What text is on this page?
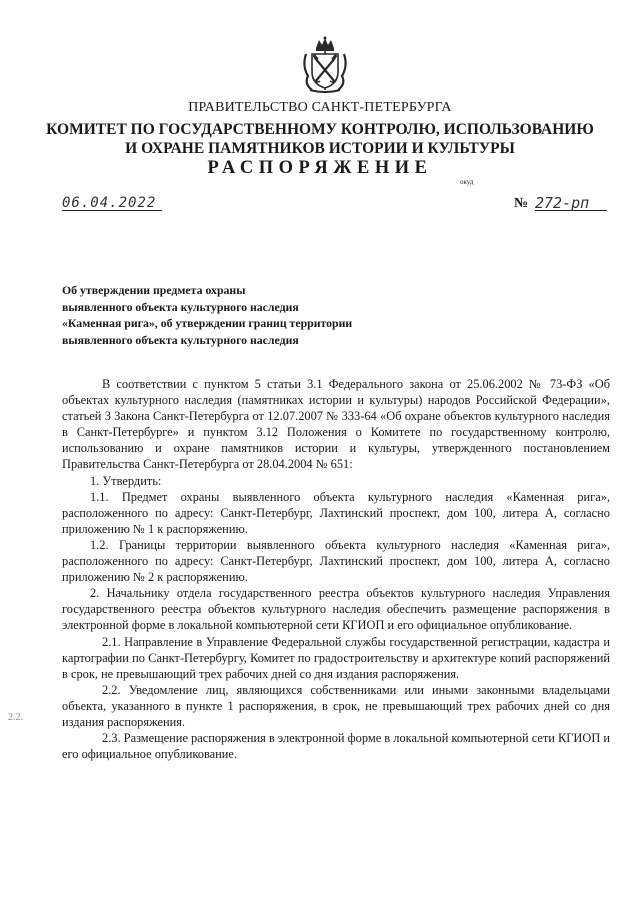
ПРАВИТЕЛЬСТВО САНКТ-ПЕТЕРБУРГА
КОМИТЕТ ПО ГОСУДАРСТВЕННОМУ КОНТРОЛЮ, ИСПОЛЬЗОВАНИЮ
И ОХРАНЕ ПАМЯТНИКОВ ИСТОРИИ И КУЛЬТУРЫ
РАСПОРЯЖЕНИЕ
окуд
06.04.2022	№ 272-рп
Об утверждении предмета охраны
выявленного объекта культурного наследия
«Каменная рига», об утверждении границ территории
выявленного объекта культурного наследия

В соответствии с пунктом 5 статьи 3.1 Федерального закона от 25.06.2002 № 73-ФЗ «Об объектах культурного наследия (памятниках истории и культуры) народов Российской Федерации», статьей 3 Закона Санкт-Петербурга от 12.07.2007 № 333-64 «Об охране объектов культурного наследия в Санкт-Петербурге» и пунктом 3.12 Положения о Комитете по государственному контролю, использованию и охране памятников истории и культуры, утвержденного постановлением Правительства Санкт-Петербурга от 28.04.2004 № 651:

1. Утвердить:

1.1. Предмет охраны выявленного объекта культурного наследия «Каменная рига», расположенного по адресу: Санкт-Петербург, Лахтинский проспект, дом 100, литера А, согласно приложению № 1 к распоряжению.

1.2. Границы территории выявленного объекта культурного наследия «Каменная рига», расположенного по адресу: Санкт-Петербург, Лахтинский проспект, дом 100, литера А, согласно приложению № 2 к распоряжению.

2. Начальнику отдела государственного реестра объектов культурного наследия Управления государственного реестра объектов культурного наследия обеспечить размещение распоряжения в электронной форме в локальной компьютерной сети КГИОП и его официальное опубликование.

2.1. Направление в Управление Федеральной службы государственной регистрации, кадастра и картографии по Санкт-Петербургу, Комитет по градостроительству и архитектуре копий распоряжений в срок, не превышающий трех рабочих дней со дня издания распоряжения.

2.2. Уведомление лиц, являющихся собственниками или иными законными владельцами объекта, указанного в пункте 1 распоряжения, в срок, не превышающий трех рабочих дней со дня издания распоряжения.

2.3. Размещение распоряжения в электронной форме в локальной компьютерной сети КГИОП и его официальное опубликование.

2.2.
